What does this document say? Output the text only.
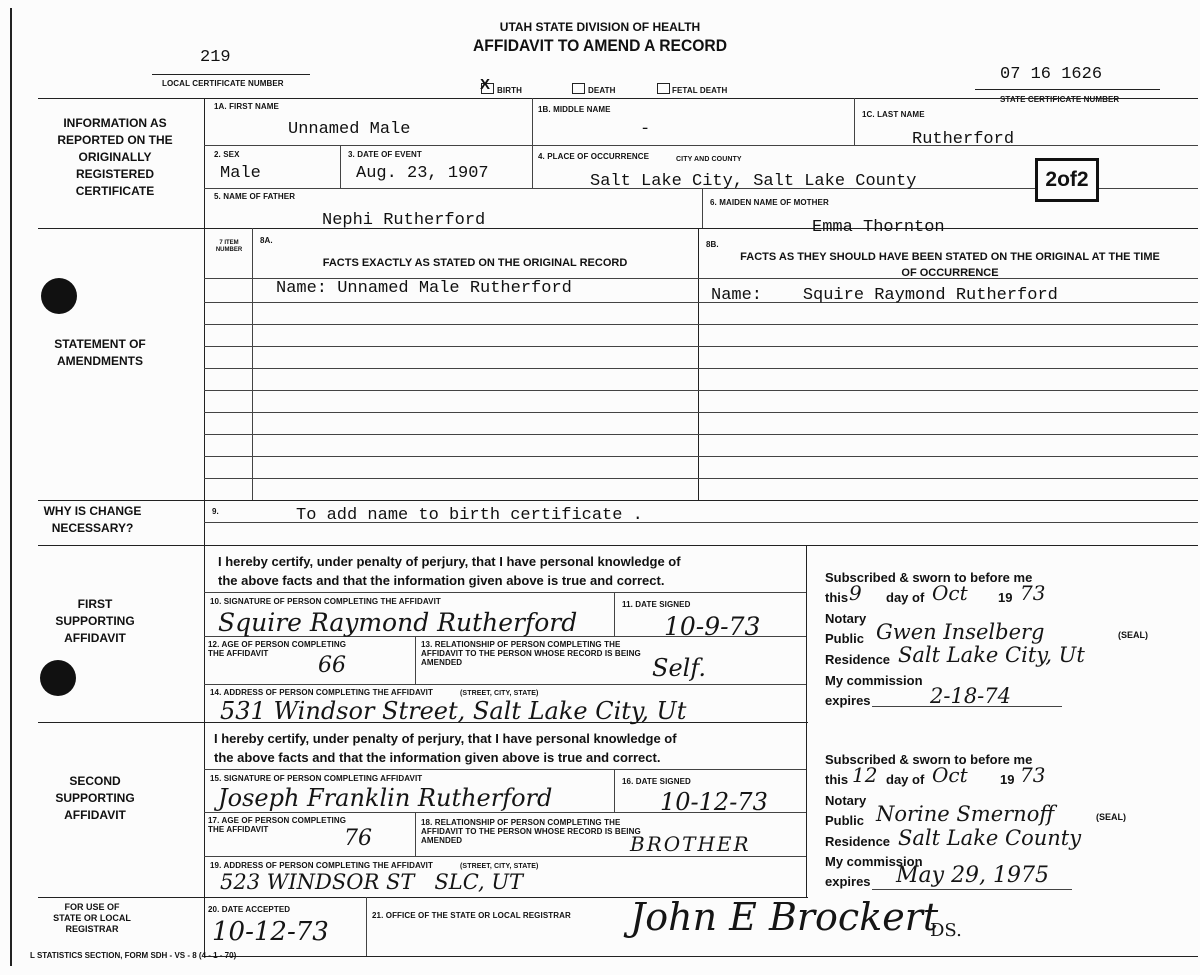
UTAH STATE DIVISION OF HEALTH
AFFIDAVIT TO AMEND A RECORD
219
LOCAL CERTIFICATE NUMBER	X BIRTH	DEATH	FETAL DEATH
07 16 1626
STATE CERTIFICATE NUMBER
INFORMATION AS REPORTED ON THE ORIGINALLY REGISTERED CERTIFICATE
STATEMENT OF AMENDMENTS
WHY IS CHANGE NECESSARY?
FIRST SUPPORTING AFFIDAVIT
SECOND SUPPORTING AFFIDAVIT
FOR USE OF STATE OR LOCAL REGISTRAR
1A. FIRST NAME
Unnamed Male
1B. MIDDLE NAME
-
1C. LAST NAME
Rutherford
2. SEX
Male
3. DATE OF EVENT
Aug. 23, 1907
4. PLACE OF OCCURRENCE	CITY AND COUNTY
Salt Lake City, Salt Lake County	2of2
5. NAME OF FATHER
Nephi Rutherford
6. MAIDEN NAME OF MOTHER
Emma Thornton
7 ITEM NUMBER
8A.
FACTS EXACTLY AS STATED ON THE ORIGINAL RECORD
8B.
FACTS AS THEY SHOULD HAVE BEEN STATED ON THE ORIGINAL AT THE TIME OF OCCURRENCE
Name: Unnamed Male Rutherford	Name:    Squire Raymond Rutherford
9.	To add name to birth certificate .
I hereby certify, under penalty of perjury, that I have personal knowledge of
the above facts and that the information given above is true and correct.
10. SIGNATURE OF PERSON COMPLETING THE AFFIDAVIT
Squire Raymond Rutherford
11. DATE SIGNED
10-9-73
12. AGE OF PERSON COMPLETING THE AFFIDAVIT	66
13. RELATIONSHIP OF PERSON COMPLETING THE AFFIDAVIT TO THE PERSON WHOSE RECORD IS BEING AMENDED	Self.
14. ADDRESS OF PERSON COMPLETING THE AFFIDAVIT	(STREET, CITY, STATE)
531 Windsor Street, Salt Lake City, Ut
Subscribed & sworn to before me
this 9 day of Oct 19 73
Notary
Public Gwen Inselberg	(SEAL)
Residence Salt Lake City, Ut
My commission
expires	2-18-74
I hereby certify, under penalty of perjury, that I have personal knowledge of
the above facts and that the information given above is true and correct.
15. SIGNATURE OF PERSON COMPLETING AFFIDAVIT
Joseph Franklin Rutherford
16. DATE SIGNED
10-12-73
17. AGE OF PERSON COMPLETING THE AFFIDAVIT	76
18. RELATIONSHIP OF PERSON COMPLETING THE AFFIDAVIT TO THE PERSON WHOSE RECORD IS BEING AMENDED	BROTHER
19. ADDRESS OF PERSON COMPLETING THE AFFIDAVIT	(STREET, CITY, STATE)
523 WINDSOR ST   SLC, UT
Subscribed & sworn to before me
this 12 day of Oct 19 73
Notary
Public Norine Smernoff	(SEAL)
Residence Salt Lake County
My commission
expires May 29, 1975
20. DATE ACCEPTED
10-12-73
21. OFFICE OF THE STATE OR LOCAL REGISTRAR John E Brockert
DS.
L STATISTICS SECTION, FORM SDH - VS - 8 (4 - 1 - 70)
